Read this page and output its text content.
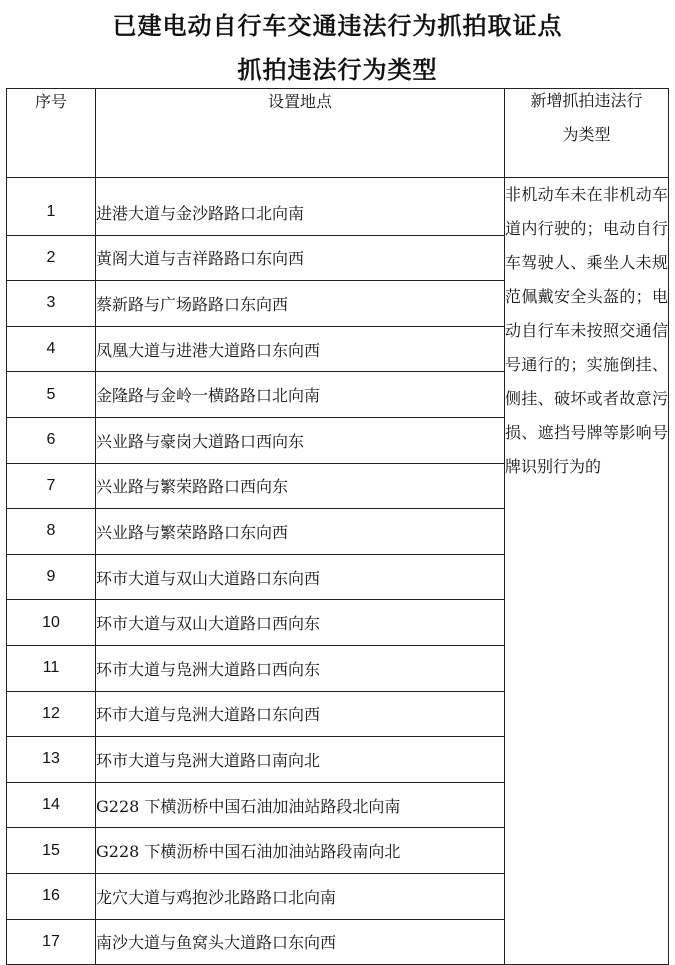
已建电动自行车交通违法行为抓拍取证点
抓拍违法行为类型
序号	设置地点	新增抓拍违法行
为类型

1	进港大道与金沙路路口北向南	非机动车未在非机动车道内行驶的；电动自行车驾驶人、乘坐人未规范佩戴安全头盔的；电动自行车未按照交通信号通行的；实施倒挂、侧挂、破坏或者故意污损、遮挡号牌等影响号牌识别行为的
2	黄阁大道与吉祥路路口东向西	
3	蔡新路与广场路路口东向西	
4	凤凰大道与进港大道路口东向西	
5	金隆路与金岭一横路路口北向南	
6	兴业路与豪岗大道路口西向东	
7	兴业路与繁荣路路口西向东	
8	兴业路与繁荣路路口东向西	
9	环市大道与双山大道路口东向西	
10	环市大道与双山大道路口西向东	
11	环市大道与凫洲大道路口西向东	
12	环市大道与凫洲大道路口东向西	
13	环市大道与凫洲大道路口南向北	
14	G228 下横沥桥中国石油加油站路段北向南	
15	G228 下横沥桥中国石油加油站路段南向北	
16	龙穴大道与鸡抱沙北路路口北向南	
17	南沙大道与鱼窝头大道路口东向西	
